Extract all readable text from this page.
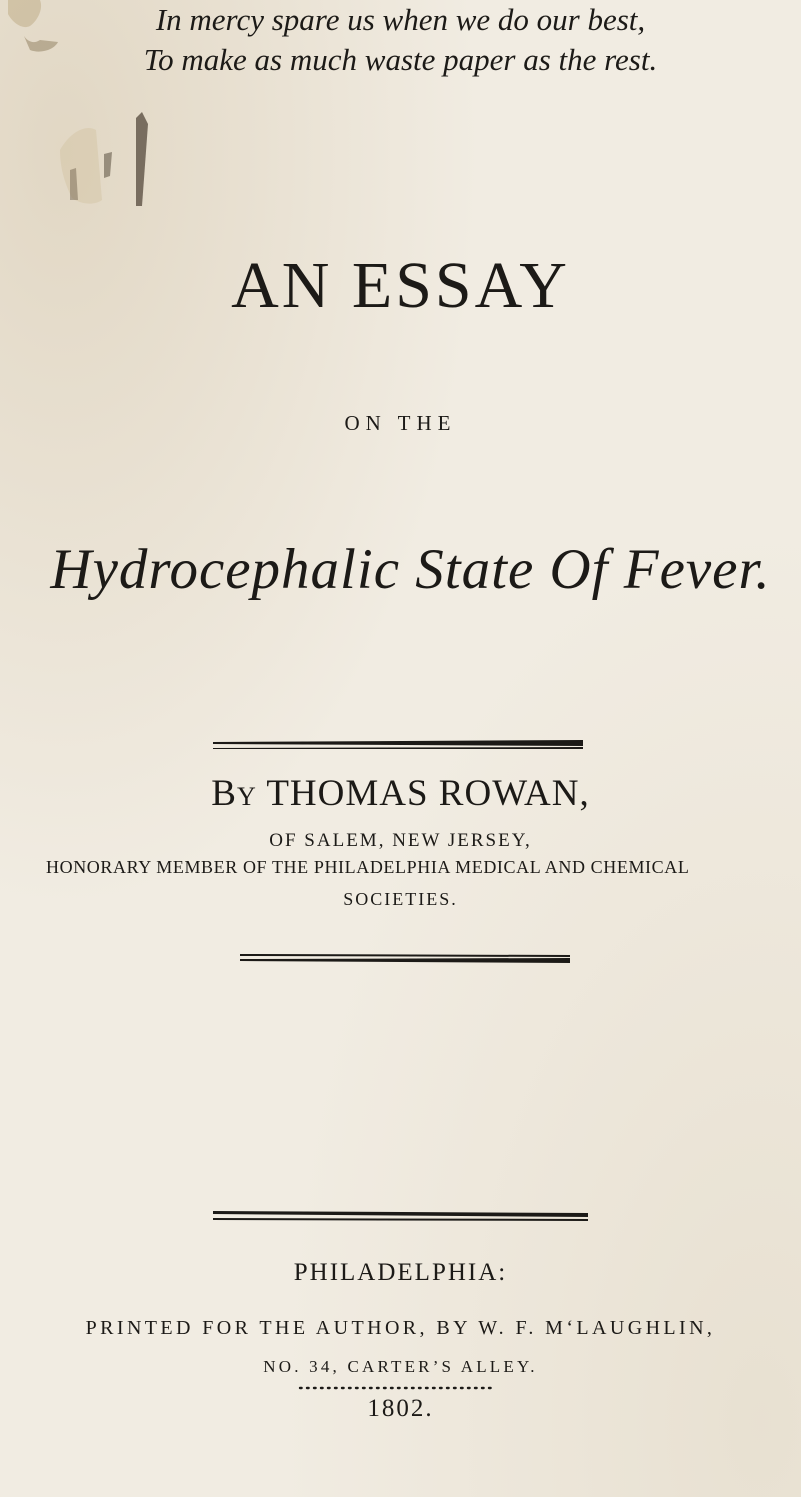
AN ESSAY
ON THE
Hydrocephalic State Of Fever.
By THOMAS ROWAN,
OF SALEM, NEW JERSEY,
HONORARY MEMBER OF THE PHILADELPHIA MEDICAL AND CHEMICAL
SOCIETIES.
In mercy spare us when we do our best,
To make as much waste paper as the rest.
PHILADELPHIA:
PRINTED FOR THE AUTHOR, BY W. F. M‘LAUGHLIN,
NO. 34, CARTER’S ALLEY.
1802.
